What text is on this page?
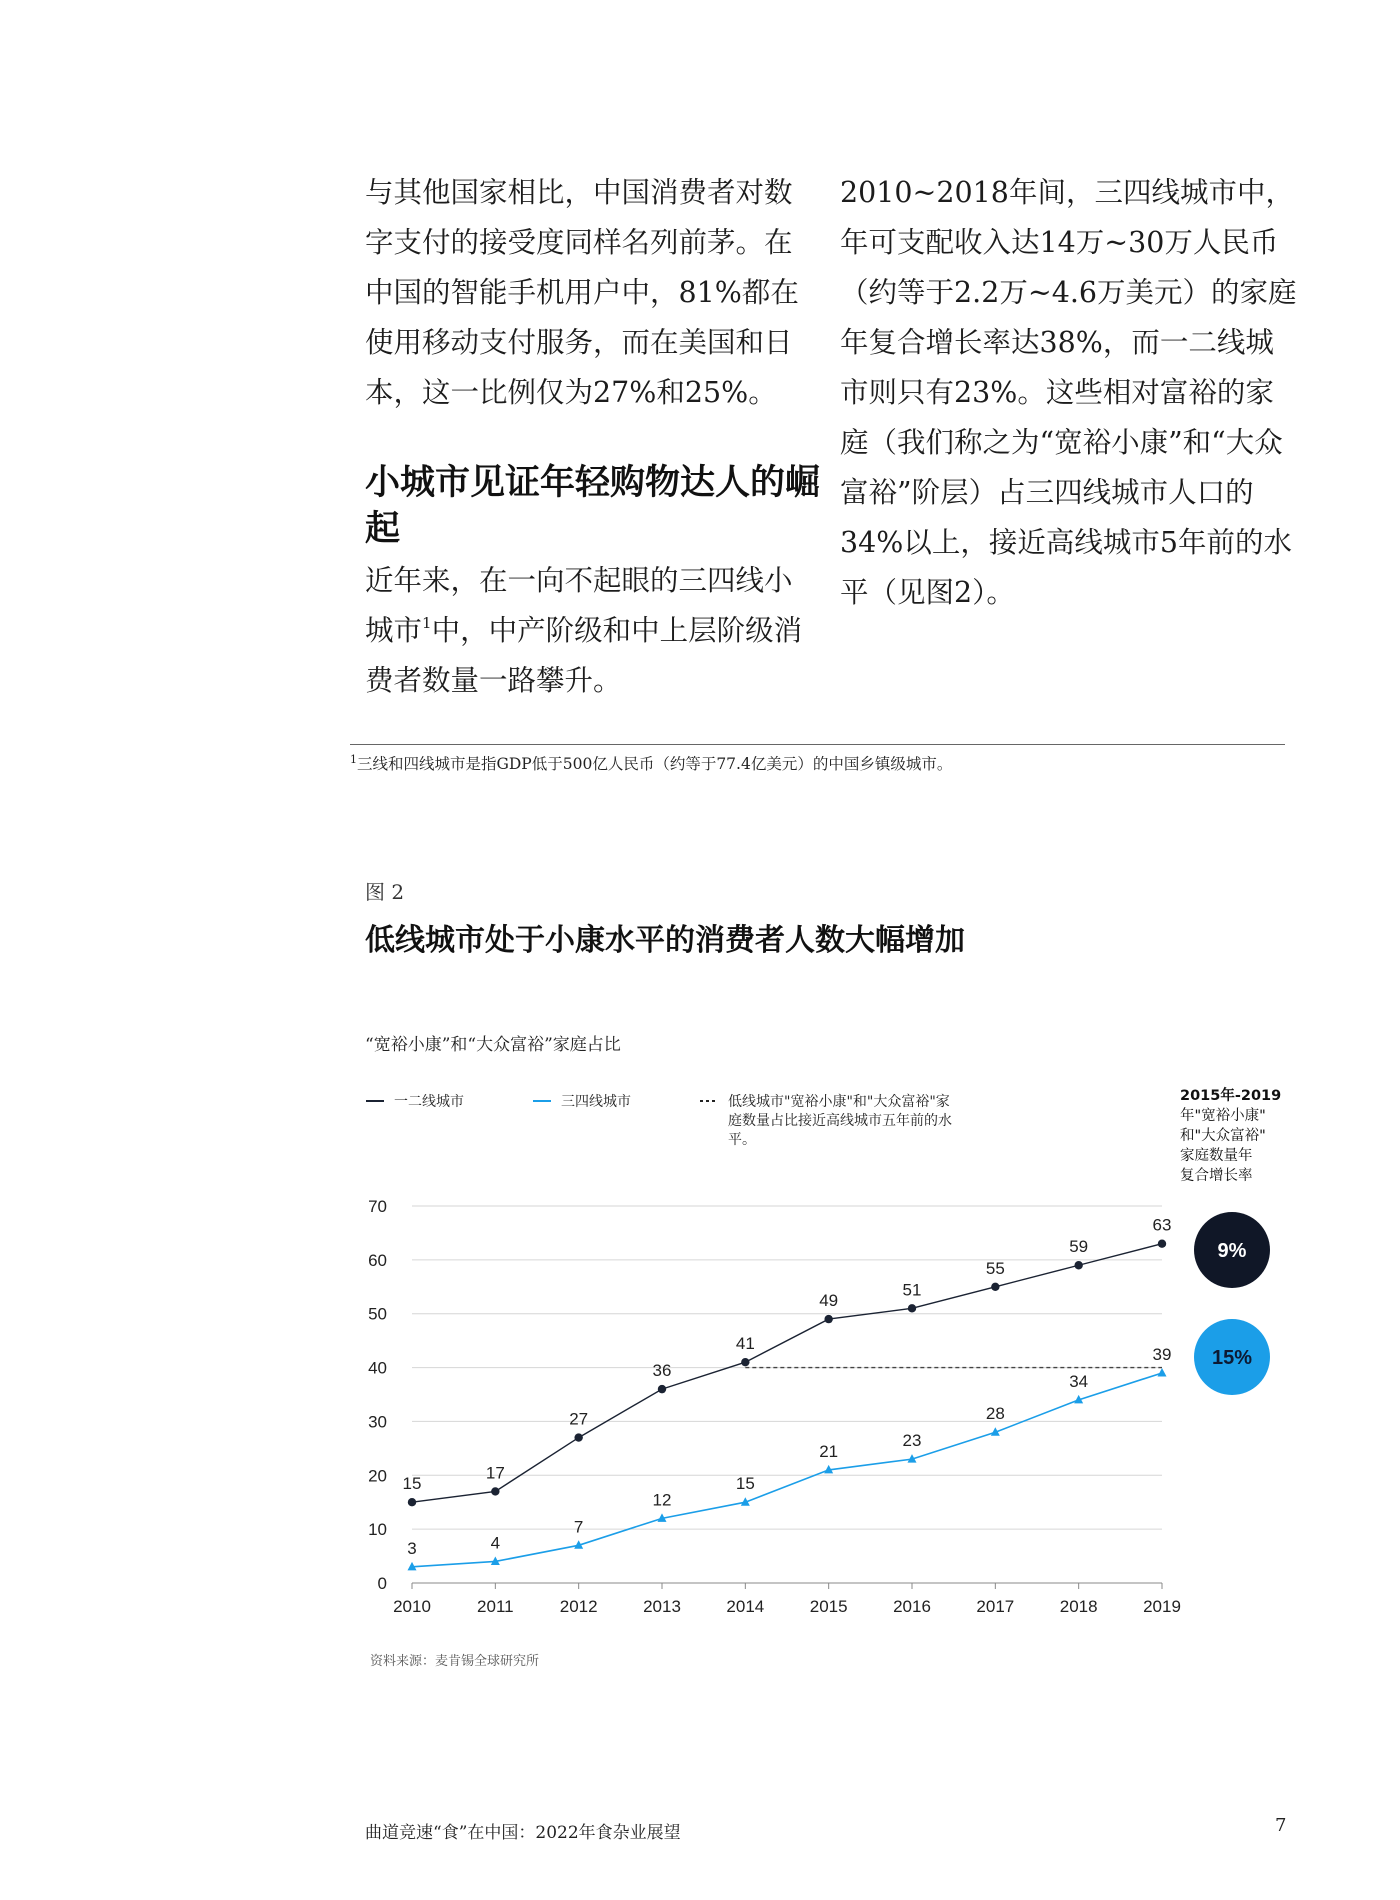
与其他国家相比，中国消费者对数字支付的接受度同样名列前茅。在中国的智能手机用户中，81%都在使用移动支付服务，而在美国和日本，这一比例仅为27%和25%。

小城市见证年轻购物达人的崛起

近年来，在一向不起眼的三四线小城市$^1$中，中产阶级和中上层阶级消费者数量一路攀升。

2010~2018年间，三四线城市中，年可支配收入达14万~30万人民币（约等于2.2万~4.6万美元）的家庭年复合增长率达38%，而一二线城市则只有23%。这些相对富裕的家庭（我们称之为“宽裕小康”和“大众富裕”阶层）占三四线城市人口的34%以上，接近高线城市5年前的水平（见图2）。

$^1$三线和四线城市是指GDP低于500亿人民币（约等于77.4亿美元）的中国乡镇级城市。
图 2
低线城市处于小康水平的消费者人数大幅增加
“宽裕小康”和“大众富裕”家庭占比
一二线城市	三四线城市	低线城市"宽裕小康"和"大众富裕"家庭数量占比接近高线城市五年前的水平。
0
10
20
30
40
50
60
70
2010	2011	2012	2013	2014	2015	2016	2017	2018	2019
15
17
27
36
41
49
51
55
59
63
3	4
7
12
15
21
23
28
34
39
2015年-2019 年"宽裕小康"和"大众富裕"家庭数量年复合增长率
9%
15%
资料来源：麦肯锡全球研究所
曲道竞速“食”在中国：2022年食杂业展望	7
